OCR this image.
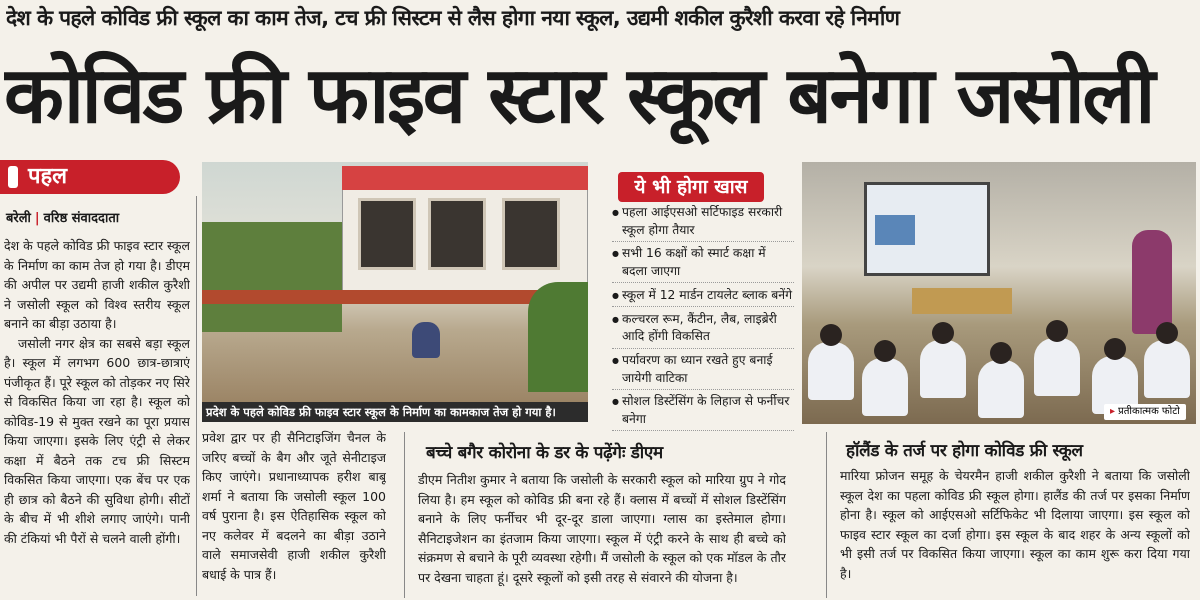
देश के पहले कोविड फ्री स्कूल का काम तेज, टच फ्री सिस्टम से लैस होगा नया स्कूल, उद्यमी शकील कुरैशी करवा रहे निर्माण
कोविड फ्री फाइव स्टार स्कूल बनेगा जसोली
पहल
बरेली | वरिष्ठ संवाददाता

देश के पहले कोविड फ्री फाइव स्टार स्कूल के निर्माण का काम तेज हो गया है। डीएम की अपील पर उद्यमी हाजी शकील कुरैशी ने जसोली स्कूल को विश्व स्तरीय स्कूल बनाने का बीड़ा उठाया है।

जसोली नगर क्षेत्र का सबसे बड़ा स्कूल है। स्कूल में लगभग 600 छात्र-छात्राएं पंजीकृत हैं। पूरे स्कूल को तोड़कर नए सिरे से विकसित किया जा रहा है। स्कूल को कोविड-19 से मुक्त रखने का पूरा प्रयास किया जाएगा। इसके लिए एंट्री से लेकर कक्षा में बैठने तक टच फ्री सिस्टम विकसित किया जाएगा। एक बेंच पर एक ही छात्र को बैठने की सुविधा होगी। सीटों के बीच में भी शीशे लगाए जाएंगे। पानी की टंकियां भी पैरों से चलने वाली होंगी।

प्रदेश के पहले कोविड फ्री फाइव स्टार स्कूल के निर्माण का कामकाज तेज हो गया है।
प्रवेश द्वार पर ही सैनिटाइजिंग चैनल के जरिए बच्चों के बैग और जूते सेनीटाइज किए जाएंगे। प्रधानाध्यापक हरीश बाबू शर्मा ने बताया कि जसोली स्कूल 100 वर्ष पुराना है। इस ऐतिहासिक स्कूल को नए कलेवर में बदलने का बीड़ा उठाने वाले समाजसेवी हाजी शकील कुरैशी बधाई के पात्र हैं।
ये भी होगा खास
● पहला आईएसओ सर्टिफाइड सरकारी स्कूल होगा तैयार
● सभी 16 कक्षों को स्मार्ट कक्षा में बदला जाएगा
● स्कूल में 12 मार्डन टायलेट ब्लाक बनेंगे
● कल्चरल रूम, कैंटीन, लैब, लाइब्रेरी आदि होंगी विकसित
● पर्यावरण का ध्यान रखते हुए बनाई जायेगी वाटिका
● सोशल डिस्टेंसिंग के लिहाज से फर्नीचर बनेगा
▸ प्रतीकात्मक फोटो
बच्चे बगैर कोरोना के डर के पढ़ेंगेः डीएम
डीएम नितीश कुमार ने बताया कि जसोली के सरकारी स्कूल को मारिया ग्रुप ने गोद लिया है। हम स्कूल को कोविड फ्री बना रहे हैं। क्लास में बच्चों में सोशल डिस्टेंसिंग बनाने के लिए फर्नीचर भी दूर-दूर डाला जाएगा। ग्लास का इस्तेमाल होगा। सैनिटाइजेशन का इंतजाम किया जाएगा। स्कूल में एंट्री करने के साथ ही बच्चे को संक्रमण से बचाने के पूरी व्यवस्था रहेगी। मैं जसोली के स्कूल को एक मॉडल के तौर पर देखना चाहता हूं। दूसरे स्कूलों को इसी तरह से संवारने की योजना है।
हॉलैंड के तर्ज पर होगा कोविड फ्री स्कूल
मारिया फ्रोजन समूह के चेयरमैन हाजी शकील कुरैशी ने बताया कि जसोली स्कूल देश का पहला कोविड फ्री स्कूल होगा। हालैंड की तर्ज पर इसका निर्माण होना है। स्कूल को आईएसओ सर्टिफिकेट भी दिलाया जाएगा। इस स्कूल को फाइव स्टार स्कूल का दर्जा होगा। इस स्कूल के बाद शहर के अन्य स्कूलों को भी इसी तर्ज पर विकसित किया जाएगा। स्कूल का काम शुरू करा दिया गया है।
